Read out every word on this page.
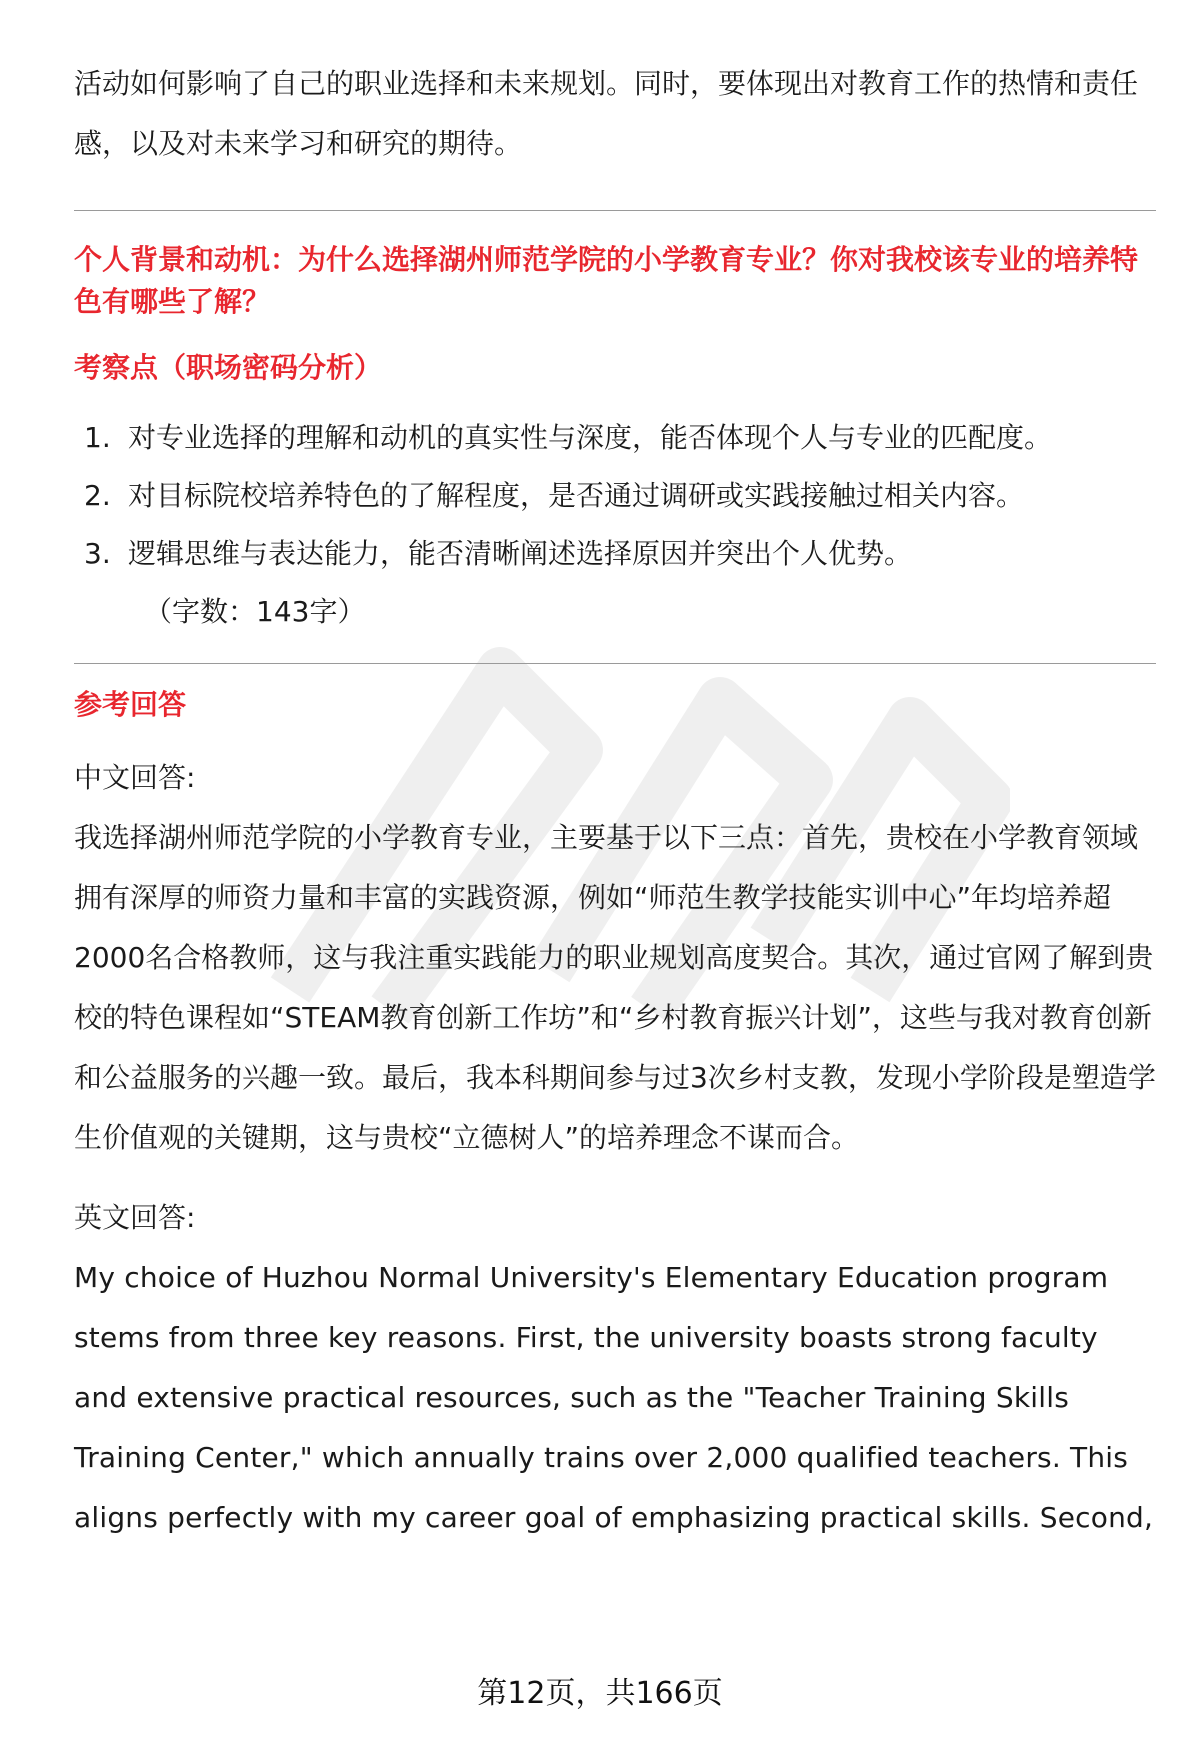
活动如何影响了自己的职业选择和未来规划。同时，要体现出对教育工作的热情和责任感，以及对未来学习和研究的期待。

个人背景和动机：为什么选择湖州师范学院的小学教育专业？你对我校该专业的培养特色有哪些了解？
考察点（职场密码分析）
1. 对专业选择的理解和动机的真实性与深度，能否体现个人与专业的匹配度。
2. 对目标院校培养特色的了解程度，是否通过调研或实践接触过相关内容。
3. 逻辑思维与表达能力，能否清晰阐述选择原因并突出个人优势。

（字数：143字）

参考回答

中文回答:

我选择湖州师范学院的小学教育专业，主要基于以下三点：首先，贵校在小学教育领域拥有深厚的师资力量和丰富的实践资源，例如“师范生教学技能实训中心”年均培养超2000名合格教师，这与我注重实践能力的职业规划高度契合。其次，通过官网了解到贵校的特色课程如“STEAM教育创新工作坊”和“乡村教育振兴计划”，这些与我对教育创新和公益服务的兴趣一致。最后，我本科期间参与过3次乡村支教，发现小学阶段是塑造学生价值观的关键期，这与贵校“立德树人”的培养理念不谋而合。

英文回答:

My choice of Huzhou Normal University's Elementary Education program stems from three key reasons. First, the university boasts strong faculty and extensive practical resources, such as the "Teacher Training Skills Training Center," which annually trains over 2,000 qualified teachers. This aligns perfectly with my career goal of emphasizing practical skills. Second,

第12页，共166页
